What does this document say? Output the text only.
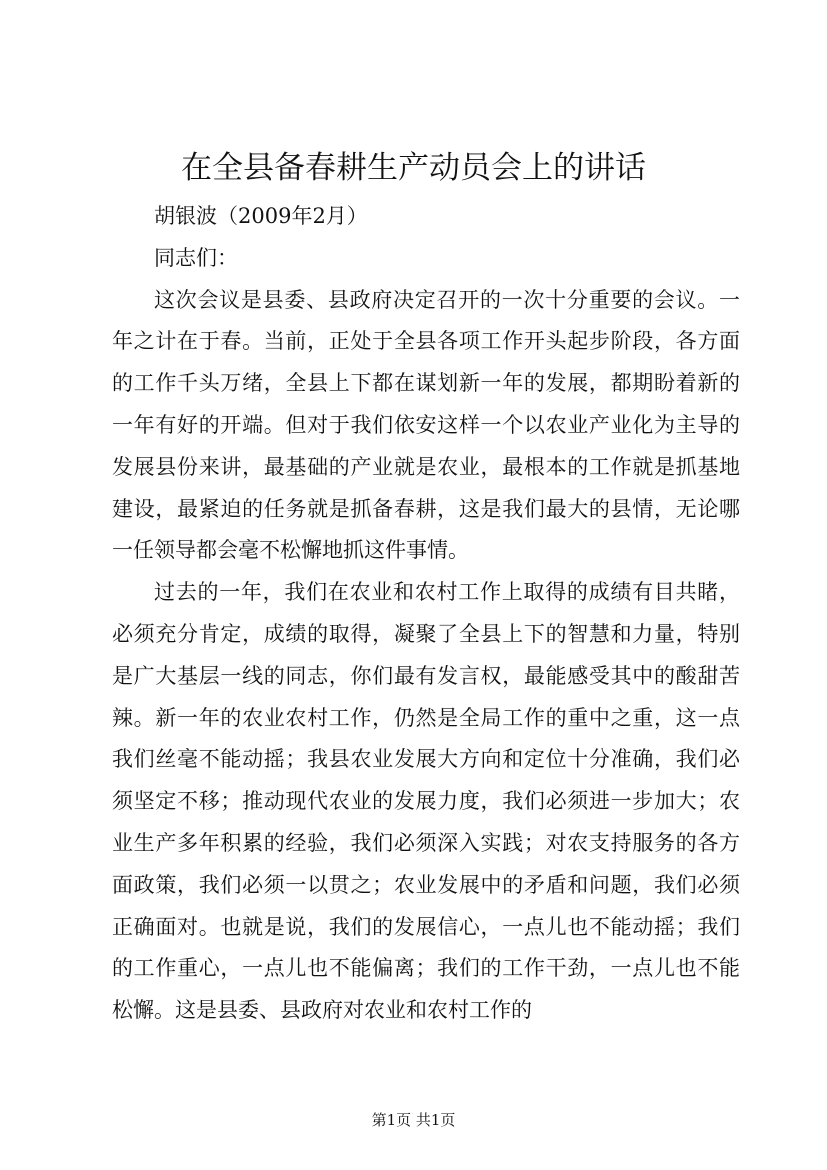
在全县备春耕生产动员会上的讲话

胡银波（2009年2月）

同志们：

这次会议是县委、县政府决定召开的一次十分重要的会议。一年之计在于春。当前，正处于全县各项工作开头起步阶段，各方面的工作千头万绪，全县上下都在谋划新一年的发展，都期盼着新的一年有好的开端。但对于我们依安这样一个以农业产业化为主导的发展县份来讲，最基础的产业就是农业，最根本的工作就是抓基地建设，最紧迫的任务就是抓备春耕，这是我们最大的县情，无论哪一任领导都会毫不松懈地抓这件事情。

过去的一年，我们在农业和农村工作上取得的成绩有目共睹，必须充分肯定，成绩的取得，凝聚了全县上下的智慧和力量，特别是广大基层一线的同志，你们最有发言权，最能感受其中的酸甜苦辣。新一年的农业农村工作，仍然是全局工作的重中之重，这一点我们丝毫不能动摇；我县农业发展大方向和定位十分准确，我们必须坚定不移；推动现代农业的发展力度，我们必须进一步加大；农业生产多年积累的经验，我们必须深入实践；对农支持服务的各方面政策，我们必须一以贯之；农业发展中的矛盾和问题，我们必须正确面对。也就是说，我们的发展信心，一点儿也不能动摇；我们的工作重心，一点儿也不能偏离；我们的工作干劲，一点儿也不能松懈。这是县委、县政府对农业和农村工作的

第1页 共1页
